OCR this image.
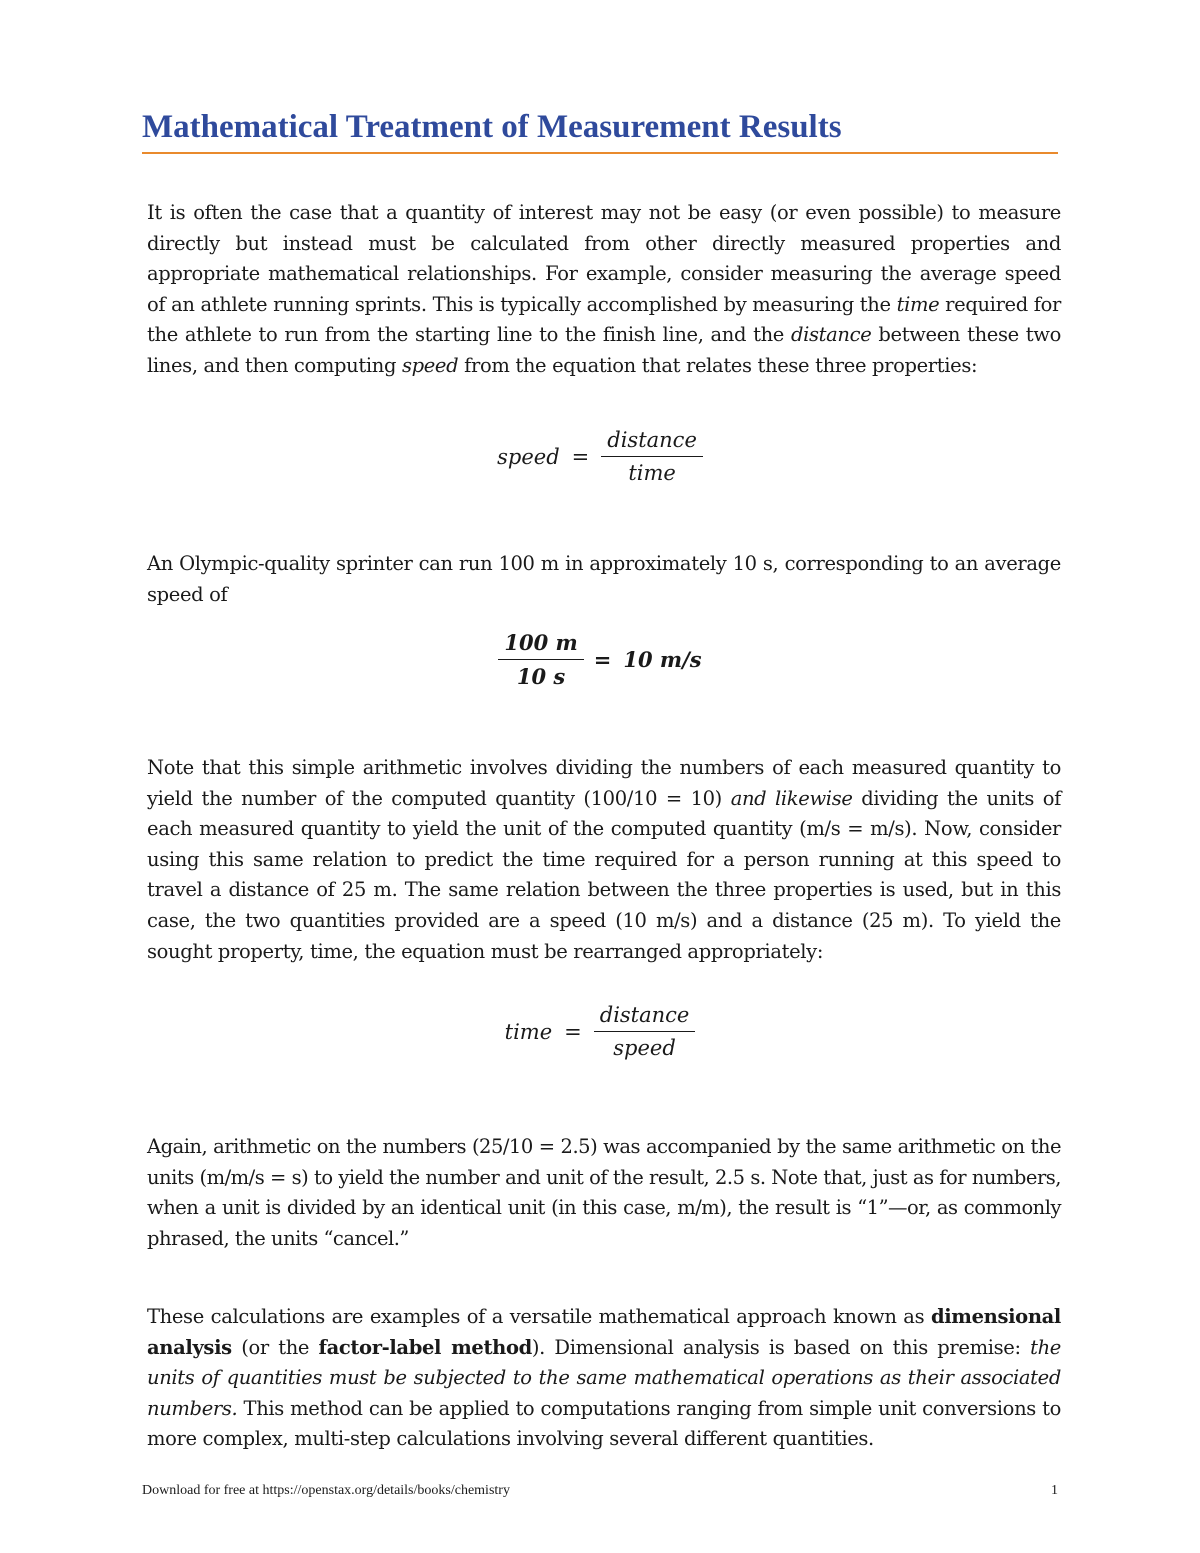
Mathematical Treatment of Measurement Results

It is often the case that a quantity of interest may not be easy (or even possible) to measure directly but instead must be calculated from other directly measured properties and appropriate mathematical relationships. For example, consider measuring the average speed of an athlete running sprints. This is typically accomplished by measuring the time required for the athlete to run from the starting line to the finish line, and the distance between these two lines, and then computing speed from the equation that relates these three properties:

speed = $\frac{\text{distance}}{\text{time}}$

An Olympic-quality sprinter can run 100 m in approximately 10 s, corresponding to an average speed of

$\frac{100 m}{10 s} = 10$ m/s

Note that this simple arithmetic involves dividing the numbers of each measured quantity to yield the number of the computed quantity (100/10 = 10) and likewise dividing the units of each measured quantity to yield the unit of the computed quantity (m/s = m/s). Now, consider using this same relation to predict the time required for a person running at this speed to travel a distance of 25 m. The same relation between the three properties is used, but in this case, the two quantities provided are a speed (10 m/s) and a distance (25 m). To yield the sought property, time, the equation must be rearranged appropriately:

time = $\frac{\text{distance}}{\text{speed}}$

Again, arithmetic on the numbers (25/10 = 2.5) was accompanied by the same arithmetic on the units (m/m/s = s) to yield the number and unit of the result, 2.5 s. Note that, just as for numbers, when a unit is divided by an identical unit (in this case, m/m), the result is “1”—or, as commonly phrased, the units “cancel.”

These calculations are examples of a versatile mathematical approach known as dimensional analysis (or the factor-label method). Dimensional analysis is based on this premise: the units of quantities must be subjected to the same mathematical operations as their associated numbers. This method can be applied to computations ranging from simple unit conversions to more complex, multi-step calculations involving several different quantities.

Download for free at https://openstax.org/details/books/chemistry	1
